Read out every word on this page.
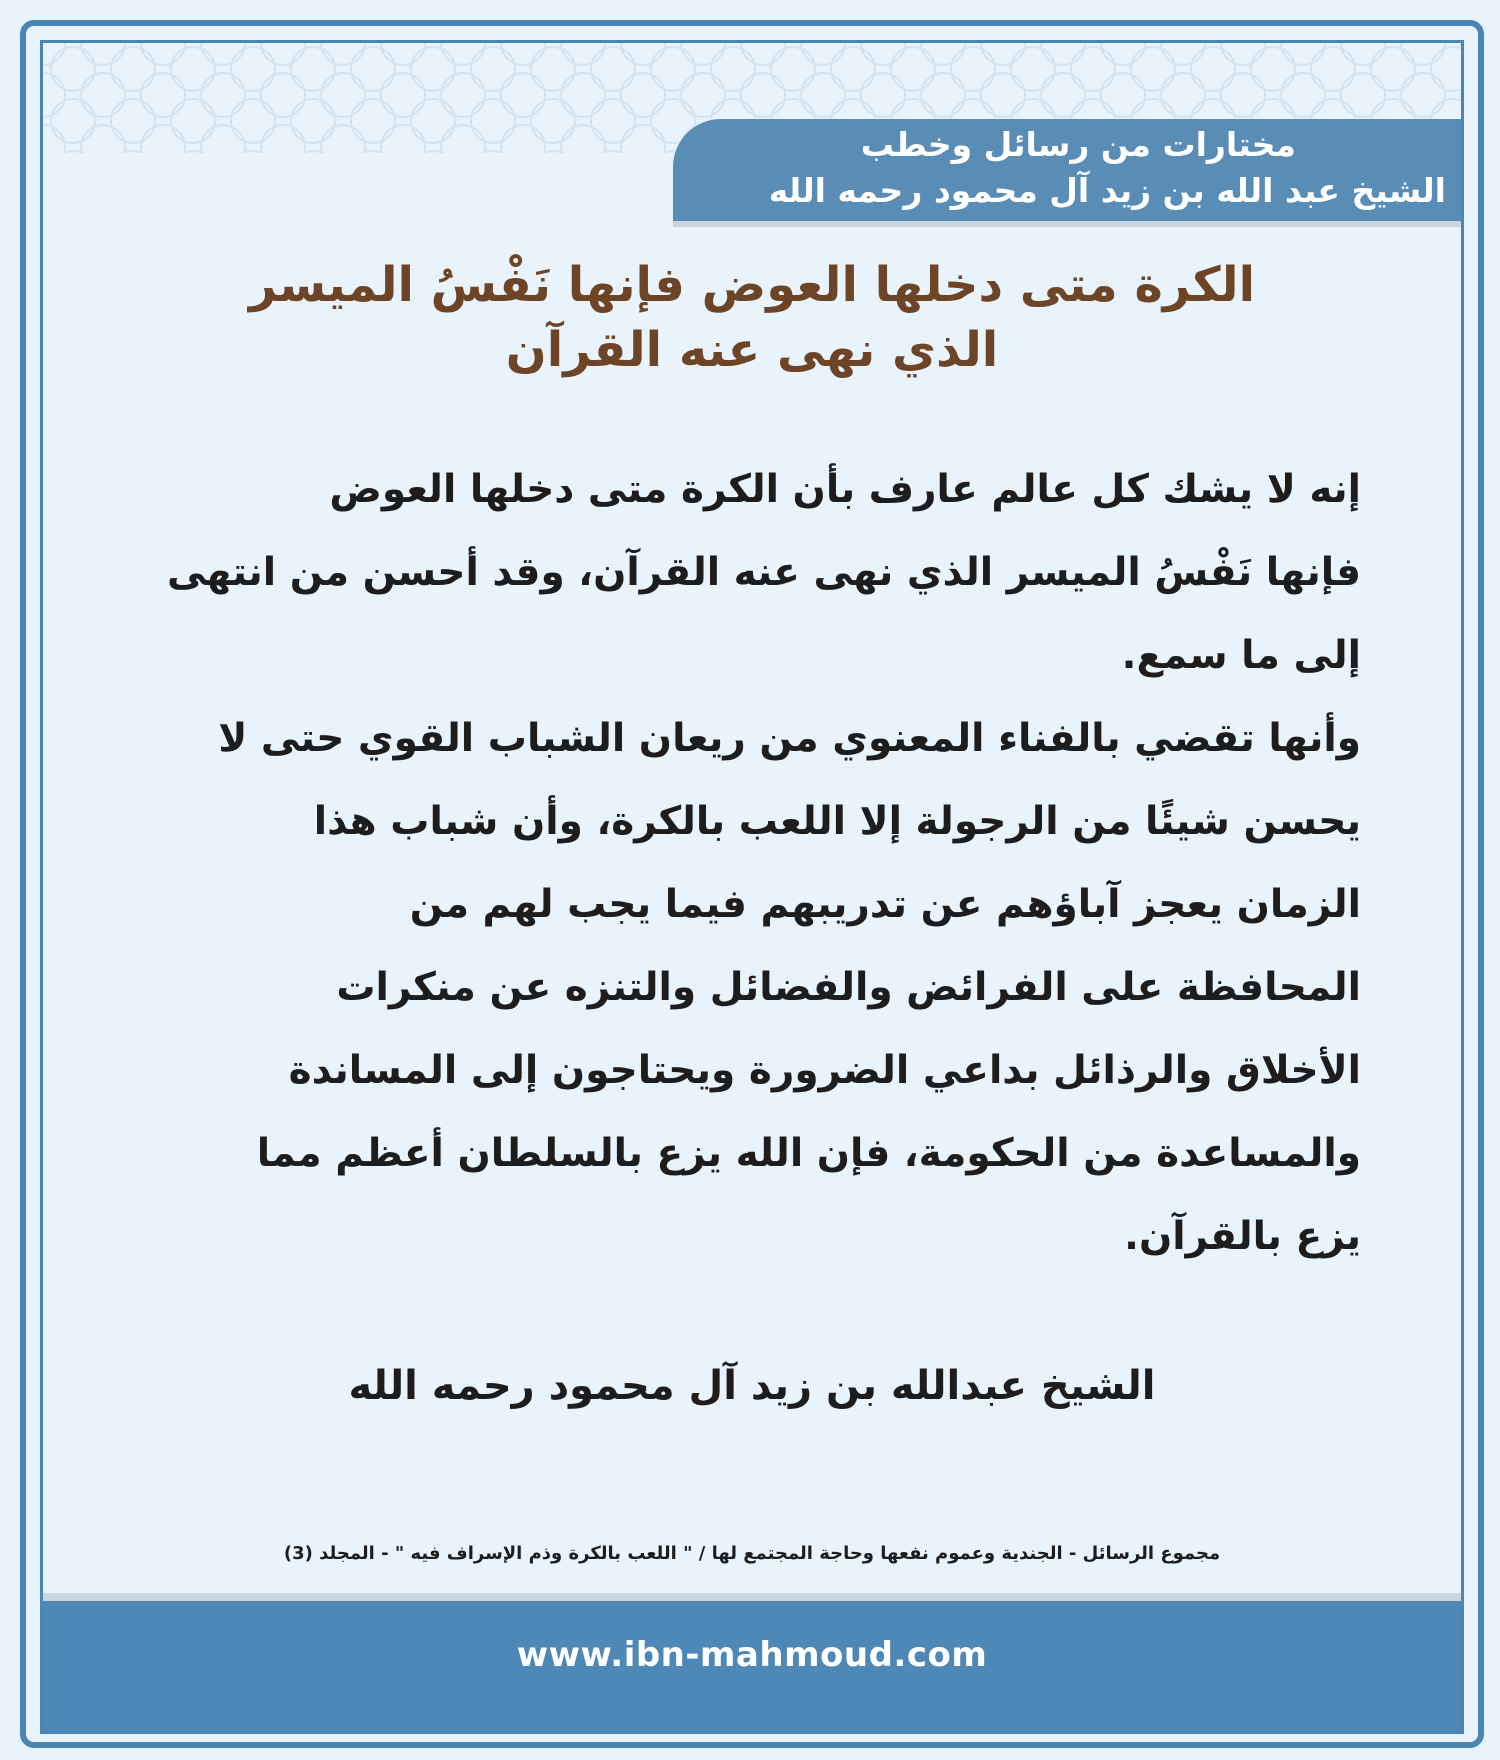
مختارات من رسائل وخطب
الشيخ عبد الله بن زيد آل محمود رحمه الله
الكرة متى دخلها العوض فإنها نَفْسُ الميسر
الذي نهى عنه القرآن
إنه لا يشك كل عالم عارف بأن الكرة متى دخلها العوض
فإنها نَفْسُ الميسر الذي نهى عنه القرآن، وقد أحسن من انتهى
إلى ما سمع.
وأنها تقضي بالفناء المعنوي من ريعان الشباب القوي حتى لا
يحسن شيئًا من الرجولة إلا اللعب بالكرة، وأن شباب هذا
الزمان يعجز آباؤهم عن تدريبهم فيما يجب لهم من
المحافظة على الفرائض والفضائل والتنزه عن منكرات
الأخلاق والرذائل بداعي الضرورة ويحتاجون إلى المساندة
والمساعدة من الحكومة، فإن الله يزع بالسلطان أعظم مما
يزع بالقرآن.
الشيخ عبدالله بن زيد آل محمود رحمه الله
مجموع الرسائل - الجندية وعموم نفعها وحاجة المجتمع لها / " اللعب بالكرة وذم الإسراف فيه " - المجلد (3)
www.ibn-mahmoud.com
